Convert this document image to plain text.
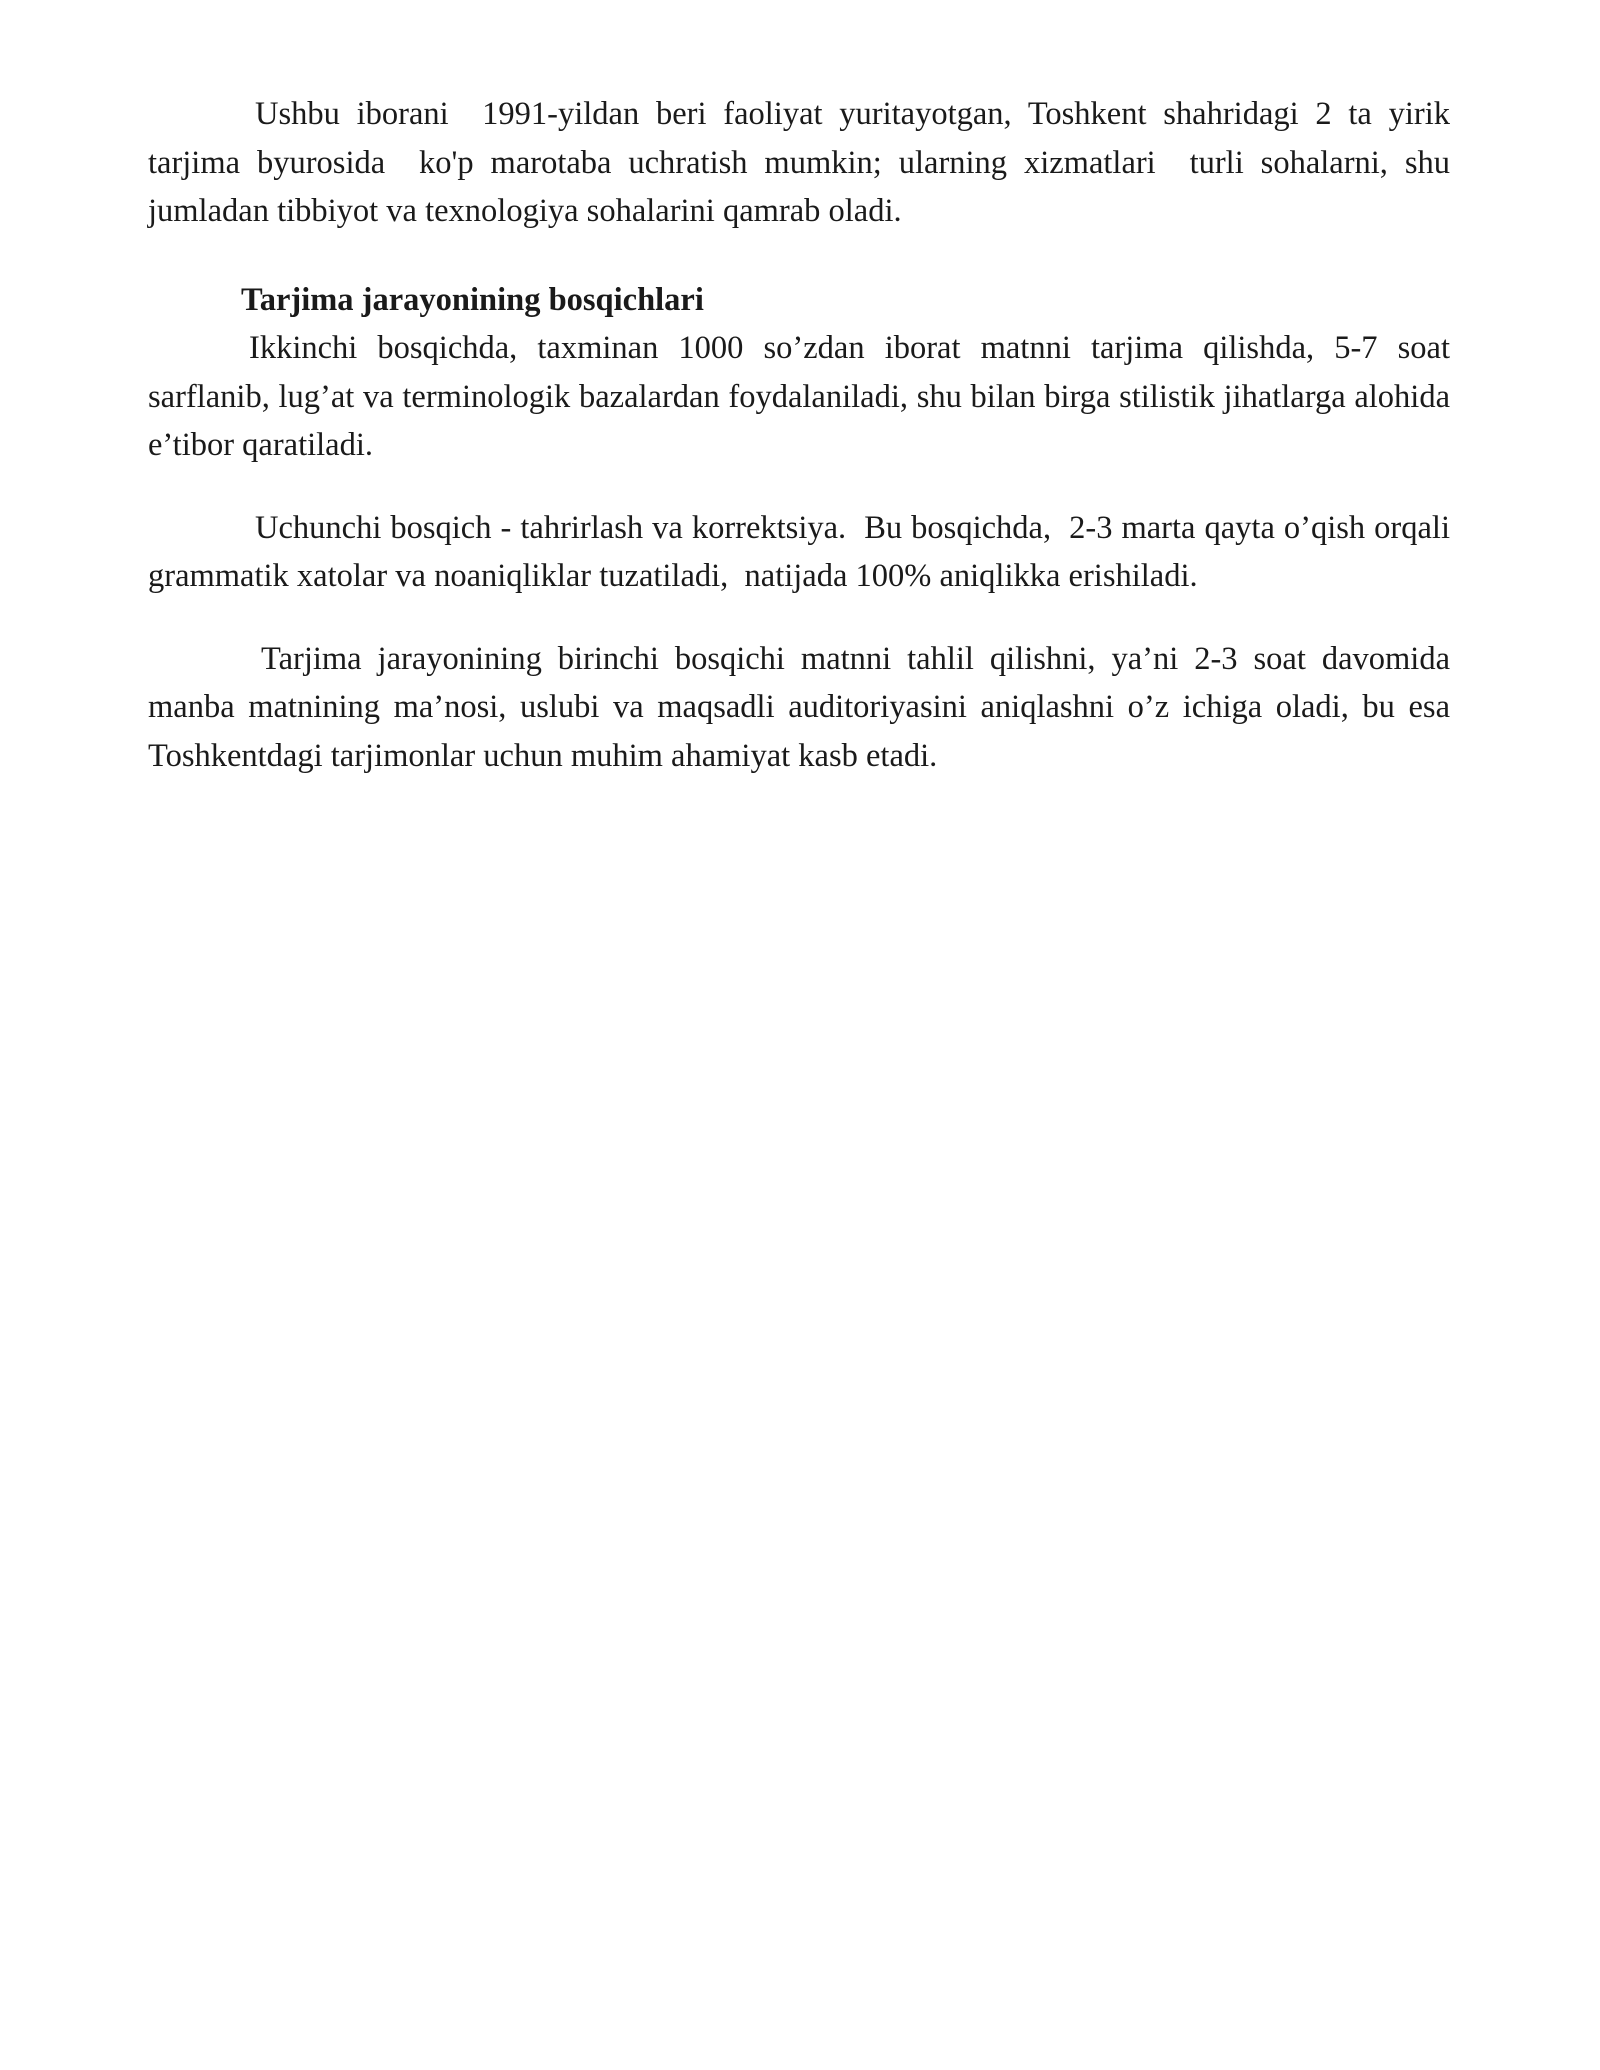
Ushbu iborani  1991-yildan beri faoliyat yuritayotgan, Toshkent shahridagi 2 ta yirik tarjima byurosida  ko'p marotaba uchratish mumkin; ularning xizmatlari  turli sohalarni, shu jumladan tibbiyot va texnologiya sohalarini qamrab oladi.

Tarjima jarayonining bosqichlari

Ikkinchi bosqichda, taxminan 1000 so’zdan iborat matnni tarjima qilishda, 5-7 soat sarflanib, lug’at va terminologik bazalardan foydalaniladi, shu bilan birga stilistik jihatlarga alohida e’tibor qaratiladi.

Uchunchi bosqich - tahrirlash va korrektsiya.  Bu bosqichda,  2-3 marta qayta o’qish orqali grammatik xatolar va noaniqliklar tuzatiladi,  natijada 100% aniqlikka erishiladi.

Tarjima jarayonining birinchi bosqichi matnni tahlil qilishni, ya’ni 2-3 soat davomida manba matnining ma’nosi, uslubi va maqsadli auditoriyasini aniqlashni o’z ichiga oladi, bu esa Toshkentdagi tarjimonlar uchun muhim ahamiyat kasb etadi.
